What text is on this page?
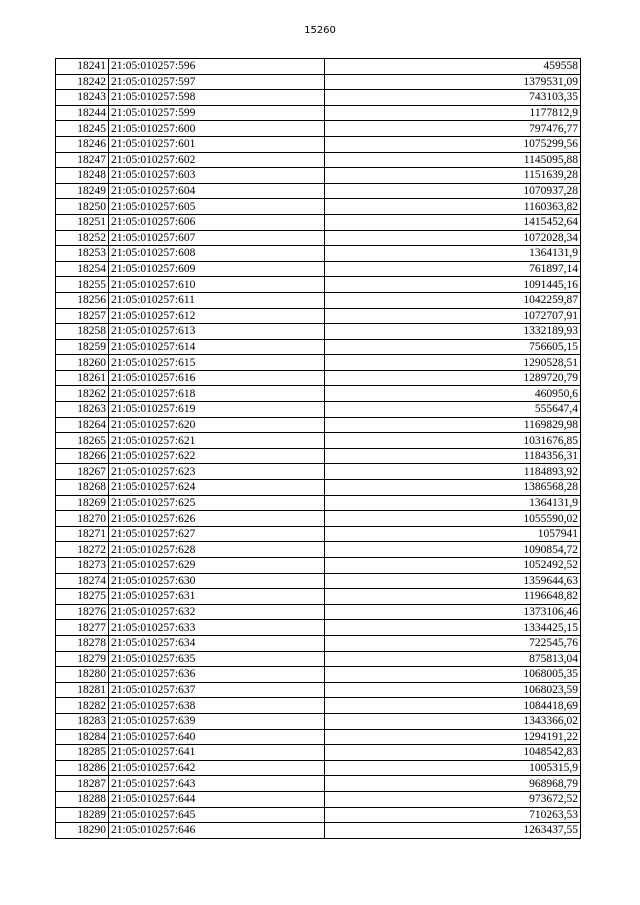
15260
18241	21:05:010257:596	459558
18242	21:05:010257:597	1379531,09
18243	21:05:010257:598	743103,35
18244	21:05:010257:599	1177812,9
18245	21:05:010257:600	797476,77
18246	21:05:010257:601	1075299,56
18247	21:05:010257:602	1145095,88
18248	21:05:010257:603	1151639,28
18249	21:05:010257:604	1070937,28
18250	21:05:010257:605	1160363,82
18251	21:05:010257:606	1415452,64
18252	21:05:010257:607	1072028,34
18253	21:05:010257:608	1364131,9
18254	21:05:010257:609	761897,14
18255	21:05:010257:610	1091445,16
18256	21:05:010257:611	1042259,87
18257	21:05:010257:612	1072707,91
18258	21:05:010257:613	1332189,93
18259	21:05:010257:614	756605,15
18260	21:05:010257:615	1290528,51
18261	21:05:010257:616	1289720,79
18262	21:05:010257:618	460950,6
18263	21:05:010257:619	555647,4
18264	21:05:010257:620	1169829,98
18265	21:05:010257:621	1031676,85
18266	21:05:010257:622	1184356,31
18267	21:05:010257:623	1184893,92
18268	21:05:010257:624	1386568,28
18269	21:05:010257:625	1364131,9
18270	21:05:010257:626	1055590,02
18271	21:05:010257:627	1057941
18272	21:05:010257:628	1090854,72
18273	21:05:010257:629	1052492,52
18274	21:05:010257:630	1359644,63
18275	21:05:010257:631	1196648,82
18276	21:05:010257:632	1373106,46
18277	21:05:010257:633	1334425,15
18278	21:05:010257:634	722545,76
18279	21:05:010257:635	875813,04
18280	21:05:010257:636	1068005,35
18281	21:05:010257:637	1068023,59
18282	21:05:010257:638	1084418,69
18283	21:05:010257:639	1343366,02
18284	21:05:010257:640	1294191,22
18285	21:05:010257:641	1048542,83
18286	21:05:010257:642	1005315,9
18287	21:05:010257:643	968968,79
18288	21:05:010257:644	973672,52
18289	21:05:010257:645	710263,53
18290	21:05:010257:646	1263437,55
